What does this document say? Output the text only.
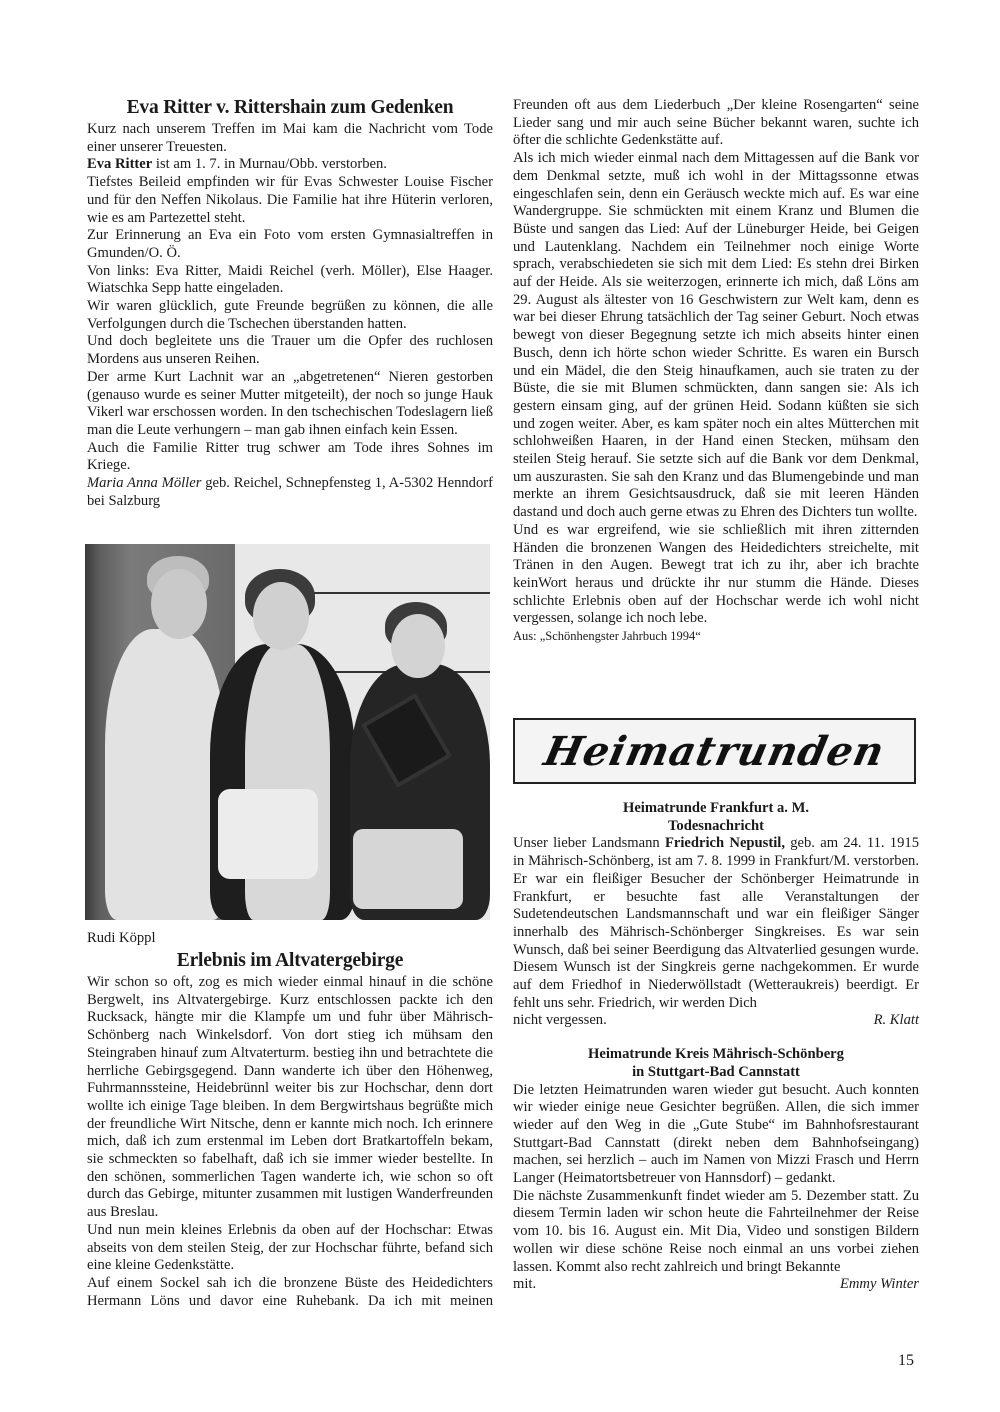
Eva Ritter v. Rittershain zum Gedenken

Kurz nach unserem Treffen im Mai kam die Nachricht vom Tode einer unserer Treuesten.

Eva Ritter ist am 1. 7. in Murnau/Obb. verstorben.

Tiefstes Beileid empfinden wir für Evas Schwester Louise Fischer und für den Neffen Nikolaus. Die Familie hat ihre Hüterin verloren, wie es am Partezettel steht.

Zur Erinnerung an Eva ein Foto vom ersten Gymnasialtreffen in Gmunden/O. Ö.

Von links: Eva Ritter, Maidi Reichel (verh. Möller), Else Haager. Wiatschka Sepp hatte eingeladen.

Wir waren glücklich, gute Freunde begrüßen zu können, die alle Verfolgungen durch die Tschechen überstanden hatten.

Und doch begleitete uns die Trauer um die Opfer des ruchlosen Mordens aus unseren Reihen.

Der arme Kurt Lachnit war an „abgetretenen“ Nieren gestorben (genauso wurde es seiner Mutter mitgeteilt), der noch so junge Hauk Vikerl war erschossen worden. In den tschechischen Todeslagern ließ man die Leute verhungern – man gab ihnen einfach kein Essen.

Auch die Familie Ritter trug schwer am Tode ihres Sohnes im Kriege.

Maria Anna Möller geb. Reichel, Schnepfensteg 1, A-5302 Henndorf bei Salzburg

Rudi Köppl
Erlebnis im Altvatergebirge

Wir schon so oft, zog es mich wieder einmal hinauf in die schöne Bergwelt, ins Altvatergebirge. Kurz entschlossen packte ich den Rucksack, hängte mir die Klampfe um und fuhr über Mährisch-Schönberg nach Winkelsdorf. Von dort stieg ich mühsam den Steingraben hinauf zum Altvaterturm. bestieg ihn und betrachtete die herrliche Gebirgsgegend. Dann wanderte ich über den Höhenweg, Fuhrmannssteine, Heidebrünnl weiter bis zur Hochschar, denn dort wollte ich einige Tage bleiben. In dem Bergwirtshaus begrüßte mich der freundliche Wirt Nitsche, denn er kannte mich noch. Ich erinnere mich, daß ich zum erstenmal im Leben dort Bratkartoffeln bekam, sie schmeckten so fabelhaft, daß ich sie immer wieder bestellte. In den schönen, sommerlichen Tagen wanderte ich, wie schon so oft durch das Gebirge, mitunter zusammen mit lustigen Wanderfreunden aus Breslau.

Und nun mein kleines Erlebnis da oben auf der Hochschar: Etwas abseits von dem steilen Steig, der zur Hochschar führte, befand sich eine kleine Gedenkstätte.

Auf einem Sockel sah ich die bronzene Büste des Heidedichters Hermann Löns und davor eine Ruhebank. Da ich mit meinen

Freunden oft aus dem Liederbuch „Der kleine Rosengarten“ seine Lieder sang und mir auch seine Bücher bekannt waren, suchte ich öfter die schlichte Gedenkstätte auf.

Als ich mich wieder einmal nach dem Mittagessen auf die Bank vor dem Denkmal setzte, muß ich wohl in der Mittagssonne etwas eingeschlafen sein, denn ein Geräusch weckte mich auf. Es war eine Wandergruppe. Sie schmückten mit einem Kranz und Blumen die Büste und sangen das Lied: Auf der Lüneburger Heide, bei Geigen und Lautenklang. Nachdem ein Teilnehmer noch einige Worte sprach, verabschiedeten sie sich mit dem Lied: Es stehn drei Birken auf der Heide. Als sie weiterzogen, erinnerte ich mich, daß Löns am 29. August als ältester von 16 Geschwistern zur Welt kam, denn es war bei dieser Ehrung tatsächlich der Tag seiner Geburt. Noch etwas bewegt von dieser Begegnung setzte ich mich abseits hinter einen Busch, denn ich hörte schon wieder Schritte. Es waren ein Bursch und ein Mädel, die den Steig hinaufkamen, auch sie traten zu der Büste, die sie mit Blumen schmückten, dann sangen sie: Als ich gestern einsam ging, auf der grünen Heid. Sodann küßten sie sich und zogen weiter. Aber, es kam später noch ein altes Mütterchen mit schlohweißen Haaren, in der Hand einen Stecken, mühsam den steilen Steig herauf. Sie setzte sich auf die Bank vor dem Denkmal, um auszurasten. Sie sah den Kranz und das Blumengebinde und man merkte an ihrem Gesichtsausdruck, daß sie mit leeren Händen dastand und doch auch gerne etwas zu Ehren des Dichters tun wollte.

Und es war ergreifend, wie sie schließlich mit ihren zitternden Händen die bronzenen Wangen des Heidedichters streichelte, mit Tränen in den Augen. Bewegt trat ich zu ihr, aber ich brachte keinWort heraus und drückte ihr nur stumm die Hände. Dieses schlichte Erlebnis oben auf der Hochschar werde ich wohl nicht vergessen, solange ich noch lebe.

Aus: „Schönhengster Jahrbuch 1994“

Heimatrunden
Heimatrunde Frankfurt a. M.
Todesnachricht

Unser lieber Landsmann Friedrich Nepustil, geb. am 24. 11. 1915 in Mährisch-Schönberg, ist am 7. 8. 1999 in Frankfurt/M. verstorben. Er war ein fleißiger Besucher der Schönberger Heimatrunde in Frankfurt, er besuchte fast alle Veranstaltungen der Sudetendeutschen Landsmannschaft und war ein fleißiger Sänger innerhalb des Mährisch-Schönberger Singkreises. Es war sein Wunsch, daß bei seiner Beerdigung das Altvaterlied gesungen wurde. Diesem Wunsch ist der Singkreis gerne nachgekommen. Er wurde auf dem Friedhof in Niederwöllstadt (Wetteraukreis) beerdigt. Er fehlt uns sehr. Friedrich, wir werden Dich

nicht vergessen.	R. Klatt
Heimatrunde Kreis Mährisch-Schönberg
in Stuttgart-Bad Cannstatt

Die letzten Heimatrunden waren wieder gut besucht. Auch konnten wir wieder einige neue Gesichter begrüßen. Allen, die sich immer wieder auf den Weg in die „Gute Stube“ im Bahnhofsrestaurant Stuttgart-Bad Cannstatt (direkt neben dem Bahnhofseingang) machen, sei herzlich – auch im Namen von Mizzi Frasch und Herrn Langer (Heimatortsbetreuer von Hannsdorf) – gedankt.

Die nächste Zusammenkunft findet wieder am 5. Dezember statt. Zu diesem Termin laden wir schon heute die Fahrteilnehmer der Reise vom 10. bis 16. August ein. Mit Dia, Video und sonstigen Bildern wollen wir diese schöne Reise noch einmal an uns vorbei ziehen lassen. Kommt also recht zahlreich und bringt Bekannte

mit.	Emmy Winter
15
